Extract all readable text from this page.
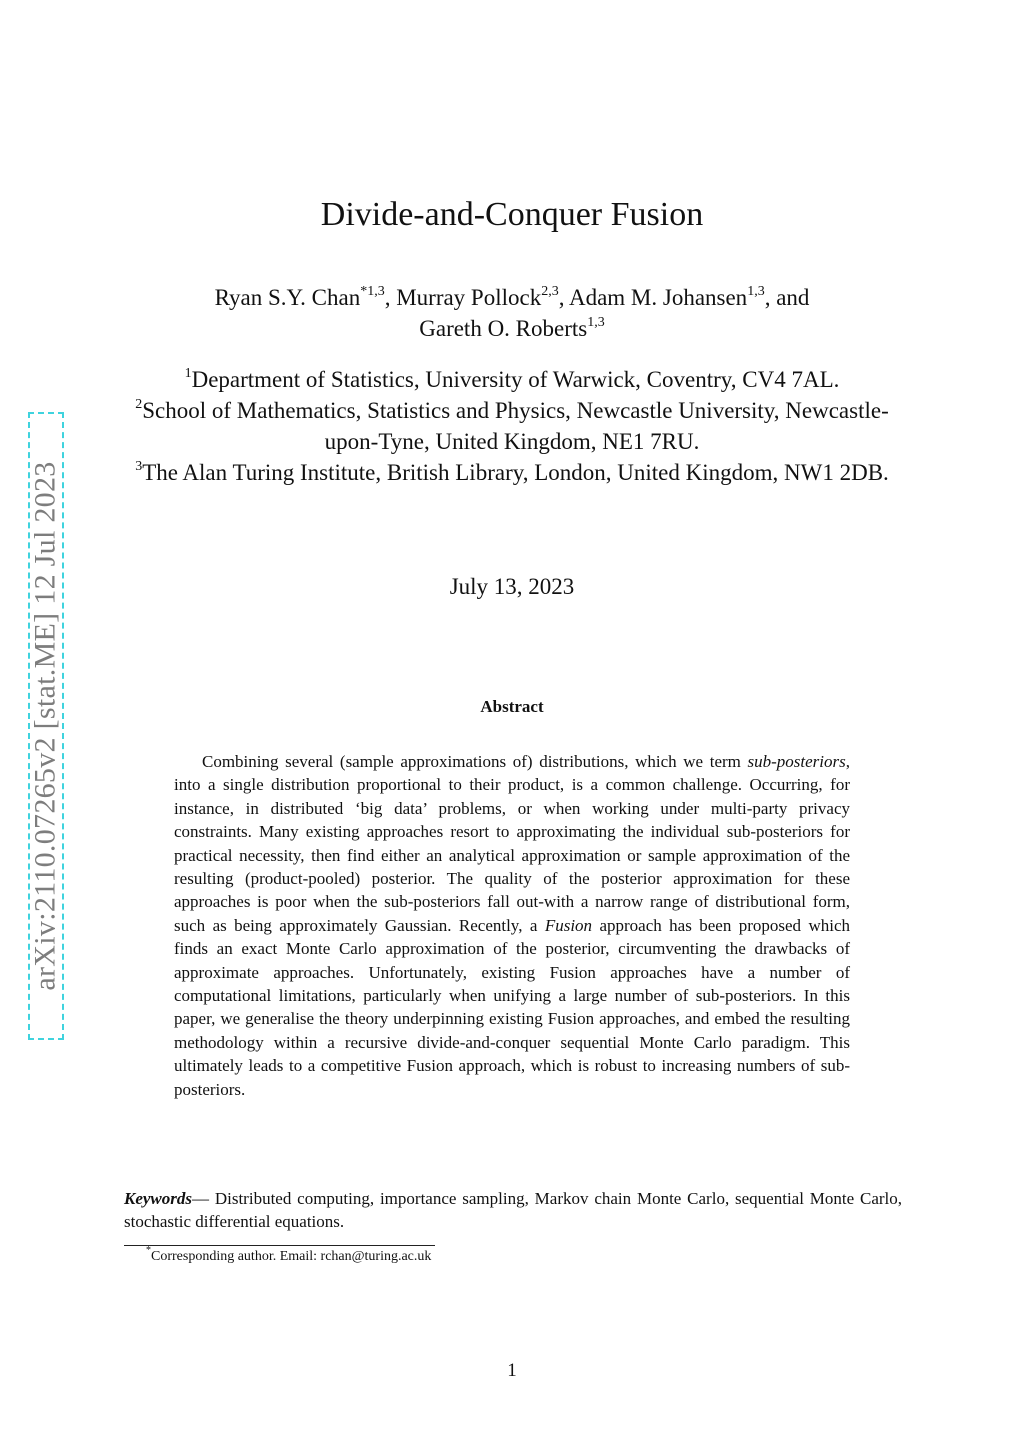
arXiv:2110.07265v2 [stat.ME] 12 Jul 2023
Divide-and-Conquer Fusion
Ryan S.Y. Chan$^{*1,3}$, Murray Pollock$^{2,3}$, Adam M. Johansen$^{1,3}$, and
Gareth O. Roberts$^{1,3}$

$^1$Department of Statistics, University of Warwick, Coventry, CV4 7AL.

$^2$School of Mathematics, Statistics and Physics, Newcastle University, Newcastle-upon-Tyne, United Kingdom, NE1 7RU.

$^3$The Alan Turing Institute, British Library, London, United Kingdom, NW1 2DB.

July 13, 2023
Abstract

Combining several (sample approximations of) distributions, which we term sub-posteriors, into a single distribution proportional to their product, is a common challenge. Occurring, for instance, in distributed ‘big data’ problems, or when working under multi-party privacy constraints. Many existing approaches resort to approximating the individual sub-posteriors for practical necessity, then find either an analytical approximation or sample approximation of the resulting (product-pooled) posterior. The quality of the posterior approximation for these approaches is poor when the sub-posteriors fall out-with a narrow range of distributional form, such as being approximately Gaussian. Recently, a Fusion approach has been proposed which finds an exact Monte Carlo approximation of the posterior, circumventing the drawbacks of approximate approaches. Unfortunately, existing Fusion approaches have a number of computational limitations, particularly when unifying a large number of sub-posteriors. In this paper, we generalise the theory underpinning existing Fusion approaches, and embed the resulting methodology within a recursive divide-and-conquer sequential Monte Carlo paradigm. This ultimately leads to a competitive Fusion approach, which is robust to increasing numbers of sub-posteriors.

Keywords— Distributed computing, importance sampling, Markov chain Monte Carlo, sequential Monte Carlo, stochastic differential equations.

*Corresponding author. Email: rchan@turing.ac.uk
1
